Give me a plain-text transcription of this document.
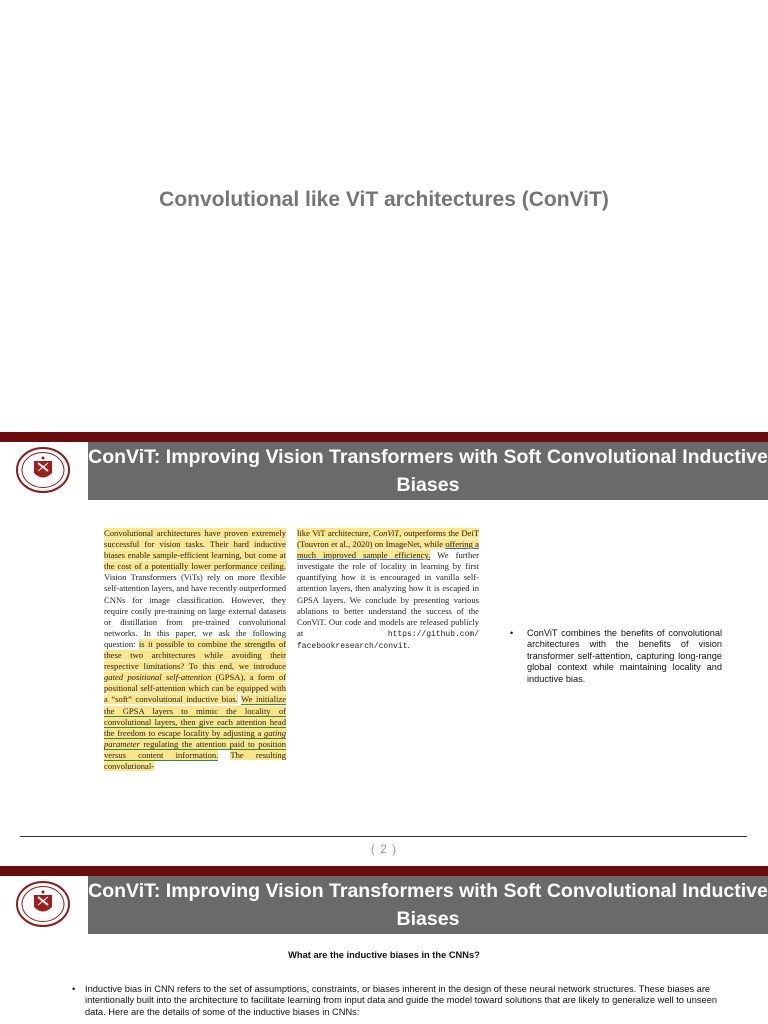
Convolutional like ViT architectures (ConViT)
ConViT: Improving Vision Transformers with Soft Convolutional Inductive Biases
Convolutional architectures have proven extremely successful for vision tasks. Their hard inductive biases enable sample-efficient learning, but come at the cost of a potentially lower performance ceiling. Vision Transformers (ViTs) rely on more flexible self-attention layers, and have recently outperformed CNNs for image classification. However, they require costly pre-training on large external datasets or distillation from pre-trained convolutional networks. In this paper, we ask the following question: is it possible to combine the strengths of these two architectures while avoiding their respective limitations? To this end, we introduce gated positional self-attention (GPSA), a form of positional self-attention which can be equipped with a “soft” convolutional inductive bias. We initialize the GPSA layers to mimic the locality of convolutional layers, then give each attention head the freedom to escape locality by adjusting a gating parameter regulating the attention paid to position versus content information. The resulting convolutional-
like ViT architecture, ConViT, outperforms the DeiT (Touvron et al., 2020) on ImageNet, while offering a much improved sample efficiency. We further investigate the role of locality in learning by first quantifying how it is encouraged in vanilla self-attention layers, then analyzing how it is escaped in GPSA layers. We conclude by presenting various ablations to better understand the success of the ConViT. Our code and models are released publicly at https://github.com/ facebookresearch/convit.
• ConViT combines the benefits of convolutional architectures with the benefits of vision transformer self-attention, capturing long-range global context while maintaining locality and inductive bias.
( 2 )
ConViT: Improving Vision Transformers with Soft Convolutional Inductive Biases
What are the inductive biases in the CNNs?
• Inductive bias in CNN refers to the set of assumptions, constraints, or biases inherent in the design of these neural network structures. These biases are intentionally built into the architecture to facilitate learning from input data and guide the model toward solutions that are likely to generalize well to unseen data. Here are the details of some of the inductive biases in CNNs:
